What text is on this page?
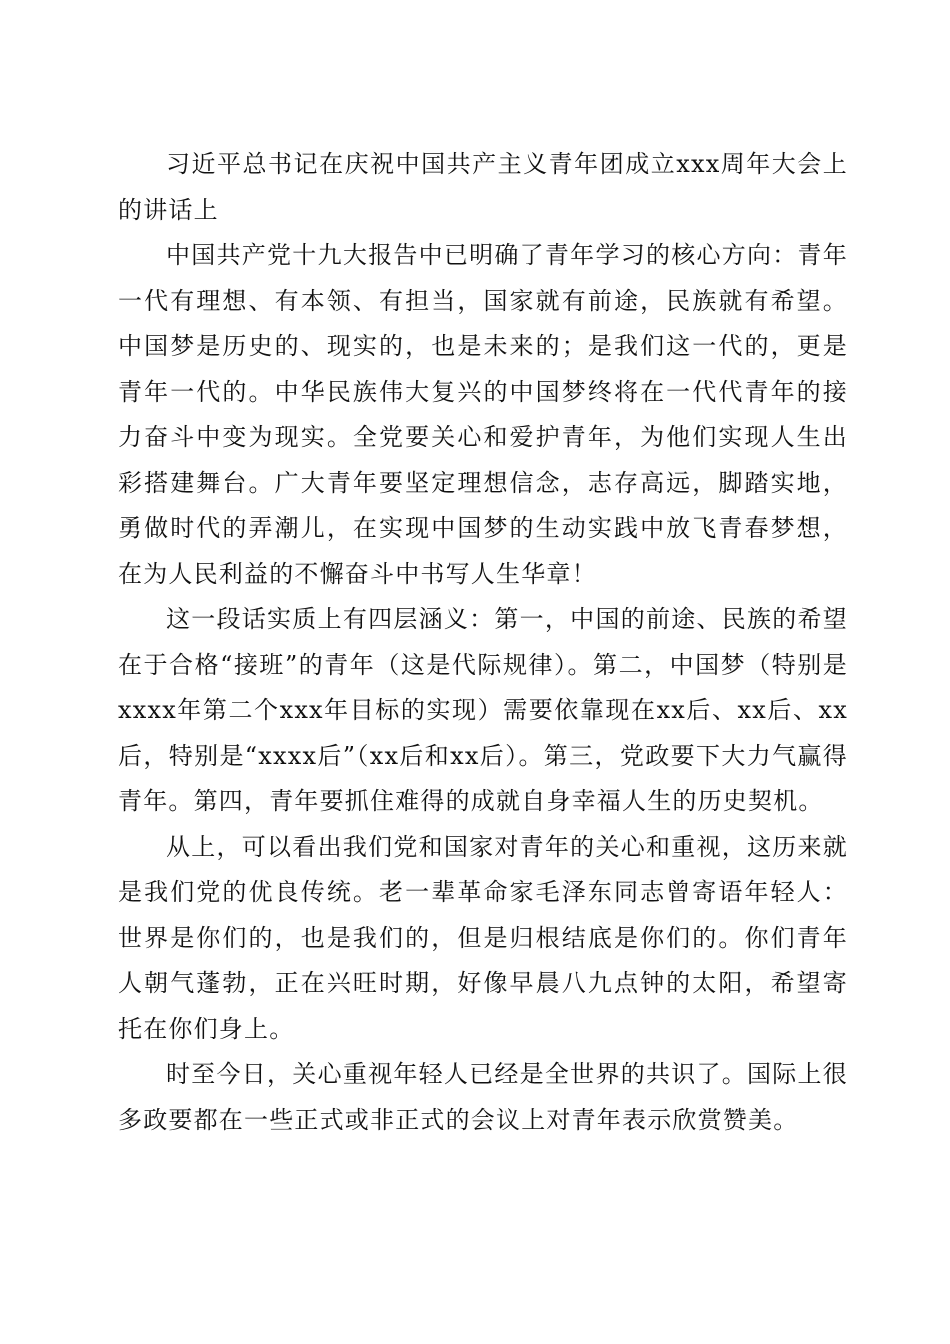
习近平总书记在庆祝中国共产主义青年团成立xxx周年大会上的讲话上

中国共产党十九大报告中已明确了青年学习的核心方向：青年一代有理想、有本领、有担当，国家就有前途，民族就有希望。中国梦是历史的、现实的，也是未来的；是我们这一代的，更是青年一代的。中华民族伟大复兴的中国梦终将在一代代青年的接力奋斗中变为现实。全党要关心和爱护青年，为他们实现人生出彩搭建舞台。广大青年要坚定理想信念，志存高远，脚踏实地，勇做时代的弄潮儿，在实现中国梦的生动实践中放飞青春梦想，在为人民利益的不懈奋斗中书写人生华章！

这一段话实质上有四层涵义：第一，中国的前途、民族的希望在于合格“接班”的青年（这是代际规律）。第二，中国梦（特别是xxxx年第二个xxx年目标的实现）需要依靠现在xx后、xx后、xx后，特别是“xxxx后”（xx后和xx后）。第三，党政要下大力气赢得青年。第四，青年要抓住难得的成就自身幸福人生的历史契机。

从上，可以看出我们党和国家对青年的关心和重视，这历来就是我们党的优良传统。老一辈革命家毛泽东同志曾寄语年轻人：世界是你们的，也是我们的，但是归根结底是你们的。你们青年人朝气蓬勃，正在兴旺时期，好像早晨八九点钟的太阳，希望寄托在你们身上。

时至今日，关心重视年轻人已经是全世界的共识了。国际上很多政要都在一些正式或非正式的会议上对青年表示欣赏赞美。
